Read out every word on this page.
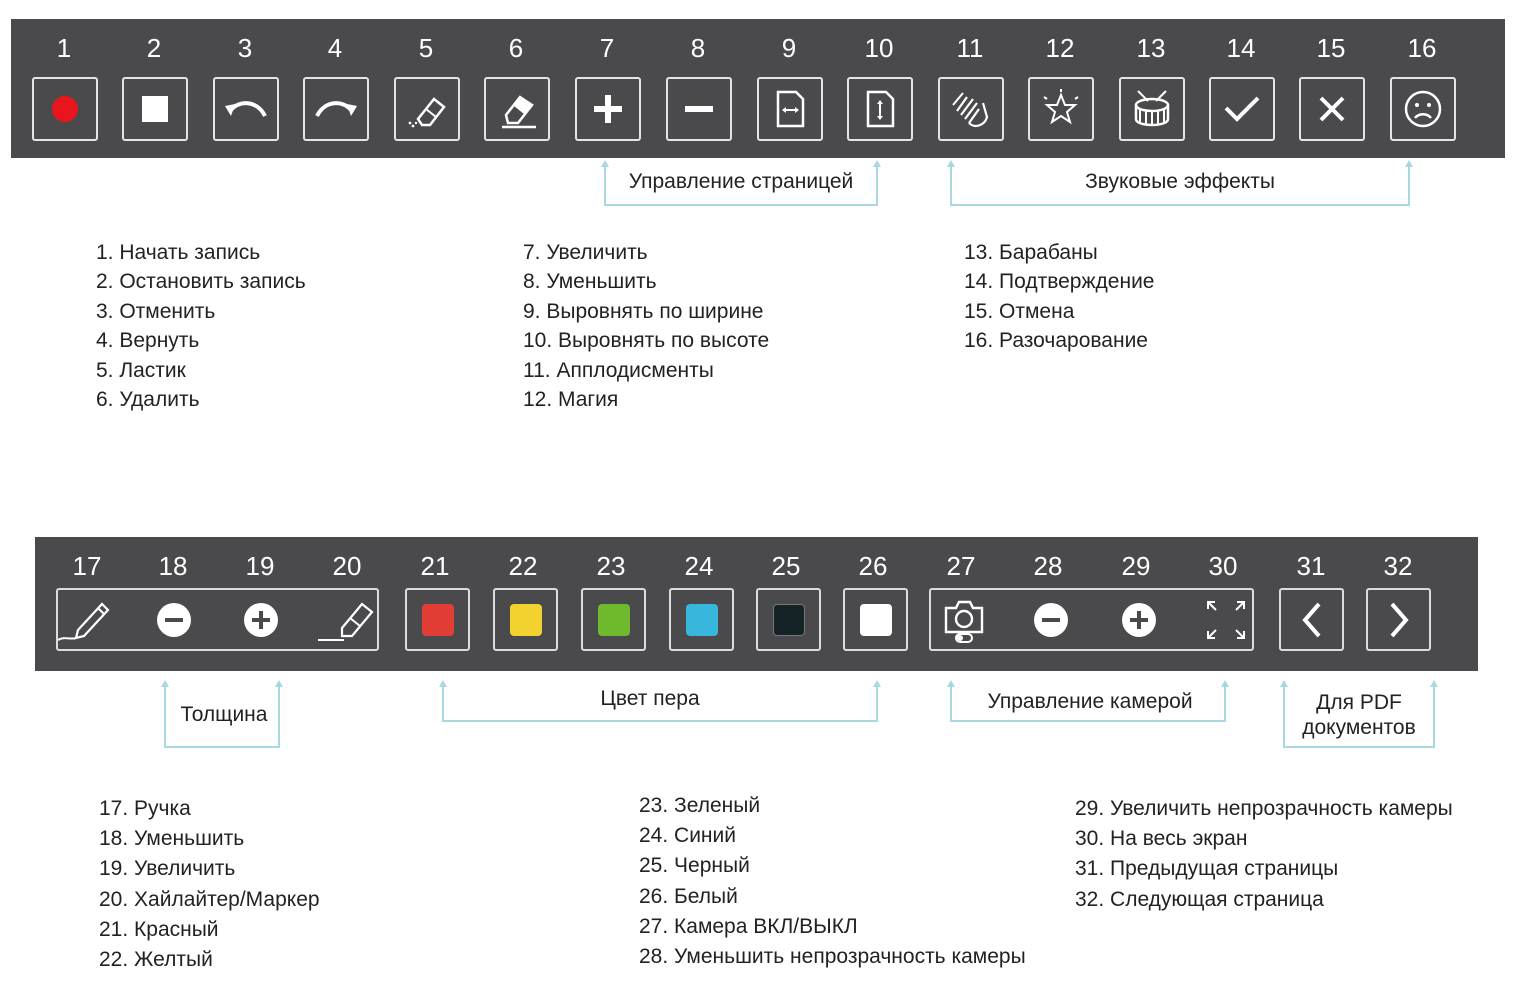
1	2	3	4	5	6	7	8	9	10	11	12	13	14	15	16
Управление страницей	Звуковые эффекты
1. Начать запись
2. Остановить запись
3. Отменить
4. Вернуть
5. Ластик
6. Удалить
7. Увеличить
8. Уменьшить
9. Выровнять по ширине
10. Выровнять по высоте
11. Апплодисменты
12. Магия
13. Барабаны
14. Подтверждение
15. Отмена
16. Разочарование
17	18	19	20	21	22	23	24	25	26	27	28	29	30	31	32
Толщина
Цвет пера	Управление камерой	Для PDF
документов
17. Ручка
18. Уменьшить
19. Увеличить
20. Хайлайтер/Маркер
21. Красный
22. Желтый
23. Зеленый
24. Синий
25. Черный
26. Белый
27. Камера ВКЛ/ВЫКЛ
28. Уменьшить непрозрачность камеры
29. Увеличить непрозрачность камеры
30. На весь экран
31. Предыдущая страницы
32. Следующая страница
